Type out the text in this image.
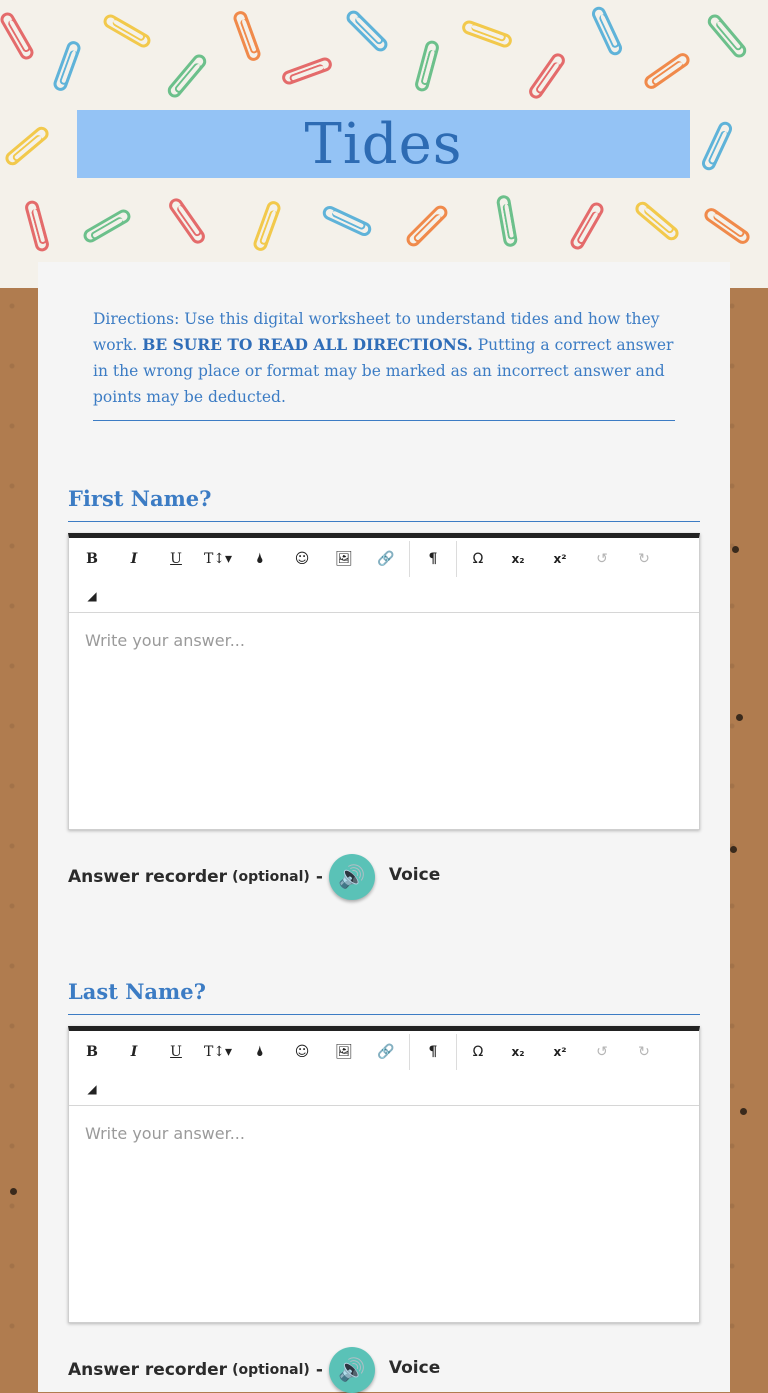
Tides
Directions: Use this digital worksheet to understand tides and how they work. BE SURE TO READ ALL DIRECTIONS. Putting a correct answer in the wrong place or format may be marked as an incorrect answer and points may be deducted.
First Name?
B	I	U	T↕▾	🌢	☺	🖼	🔗	¶	Ω	x₂	x²	↺	↻
◢
Write your answer...
Answer recorder (optional) - 🔊 Voice
Last Name?
B	I	U	T↕▾	🌢	☺	🖼	🔗	¶	Ω	x₂	x²	↺	↻
◢
Write your answer...
Answer recorder (optional) - 🔊 Voice
